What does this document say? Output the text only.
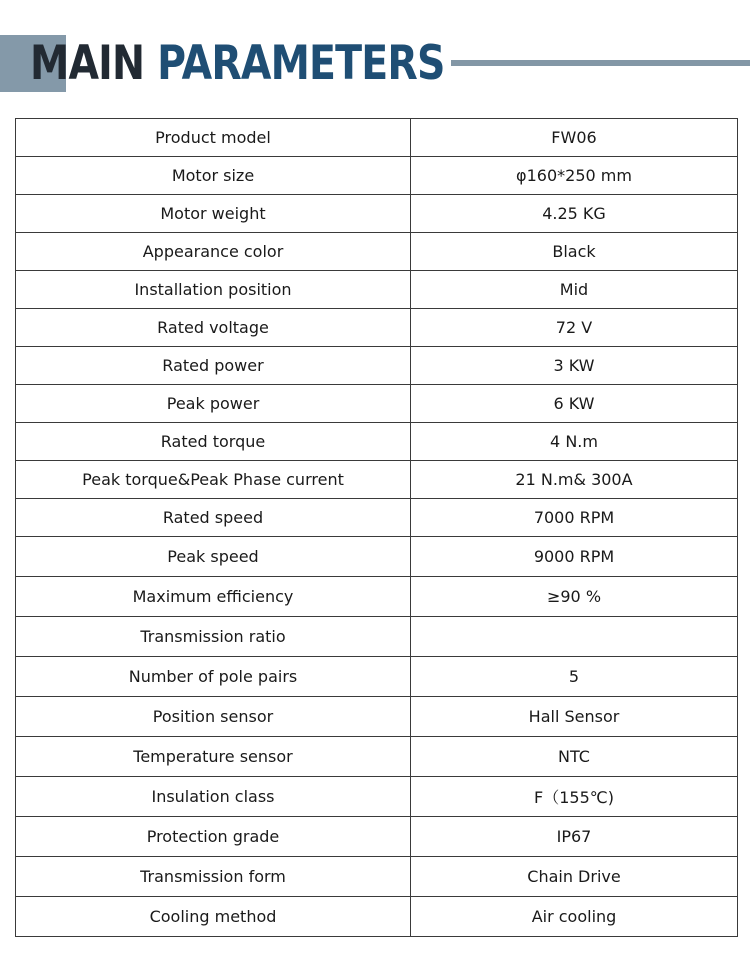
MAIN PARAMETERS
Product model	FW06
Motor size	φ160*250 mm
Motor weight	4.25 KG
Appearance color	Black
Installation position	Mid
Rated voltage	72 V
Rated power	3 KW
Peak power	6 KW
Rated torque	4 N.m
Peak torque&Peak Phase current	21 N.m& 300A
Rated speed	7000 RPM
Peak speed	9000 RPM
Maximum efficiency	≥90 %
Transmission ratio	
Number of pole pairs	5
Position sensor	Hall Sensor
Temperature sensor	NTC
Insulation class	F（155℃)
Protection grade	IP67
Transmission form	Chain Drive
Cooling method	Air cooling
